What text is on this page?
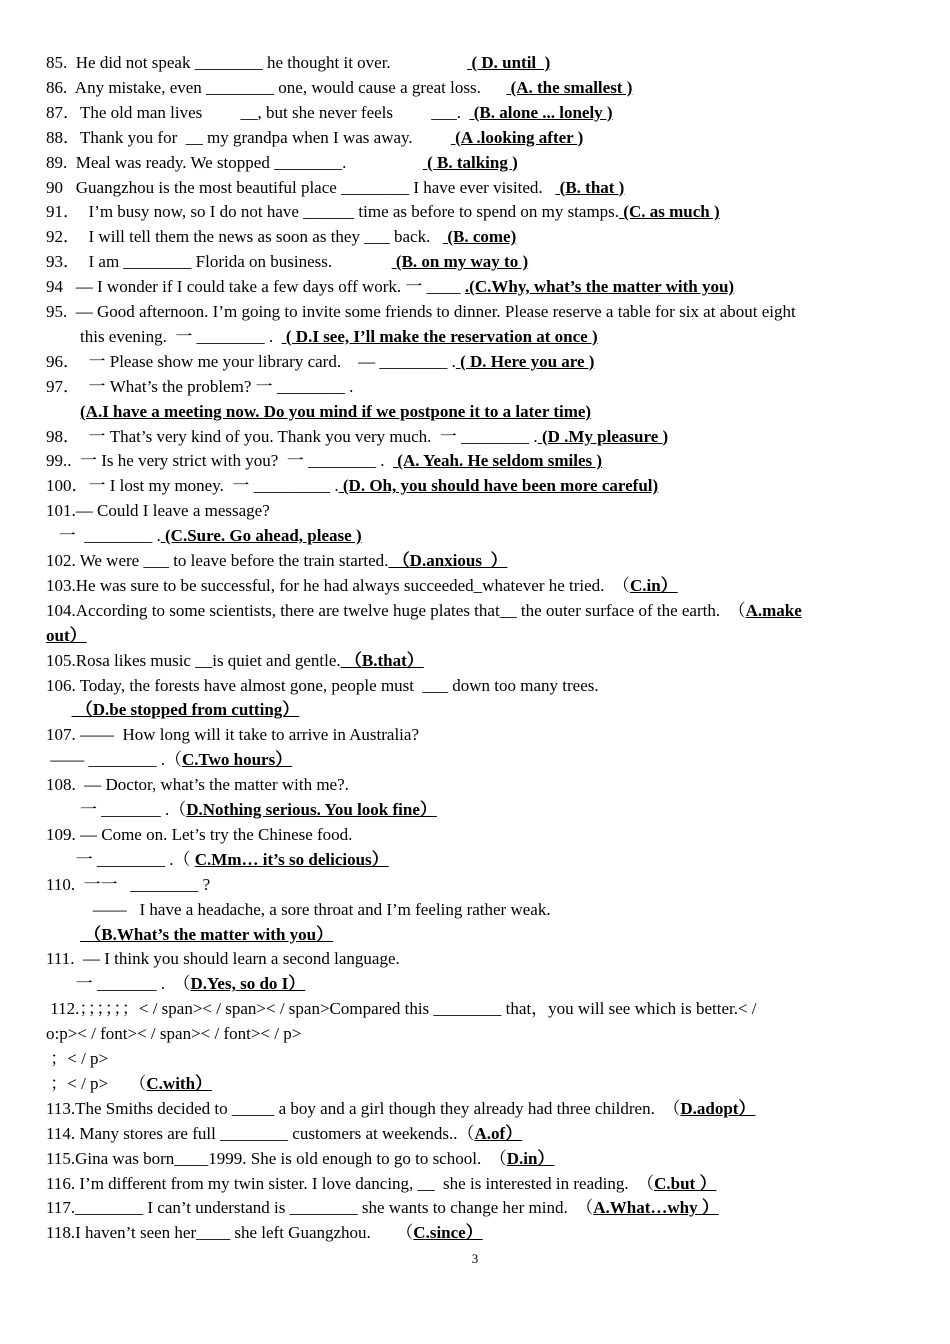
85.  He did not speak ________ he thought it over.                   ( D. until  )
86.  Any mistake, even ________ one, would cause a great loss.       (A. the smallest )
87．The old man lives         __, but she never feels         ___.   (B. alone ... lonely )
88．Thank you for  __ my grandpa when I was away.          (A .looking after )
89.  Meal was ready. We stopped ________.                   ( B. talking )
90   Guangzhou is the most beautiful place ________ I have ever visited.    (B. that )
91．  I’m busy now, so I do not have ______ time as before to spend on my stamps. (C. as much )
92．  I will tell them the news as soon as they ___ back.    (B. come)
93．  I am ________ Florida on business.               (B. on my way to )
94   — I wonder if I could take a few days off work. 一 ____ .(C.Why, what’s the matter with you)
95.  — Good afternoon. I’m going to invite some friends to dinner. Please reserve a table for six at about eight
this evening.  一 ________ .   ( D.I see, I’ll make the reservation at once )
96．  一 Please show me your library card.    — ________ . ( D. Here you are )
97．  一 What’s the problem? 一 ________ .
(A.I have a meeting now. Do you mind if we postpone it to a later time)
98．  一 That’s very kind of you. Thank you very much.  一 ________ . (D .My pleasure )
99..  一 Is he very strict with you?  一 ________ .   (A. Yeah. He seldom smiles )
100．一 I lost my money.  一 _________ . (D. Oh, you should have been more careful)
101.— Could I leave a message?
一  ________ . (C.Sure. Go ahead, please )
102. We were ___ to leave before the train started. （D.anxious  ）
103.He was sure to be successful, for he had always succeeded_whatever he tried.  （C.in）
104.According to some scientists, there are twelve huge plates that__ the outer surface of the earth.  （A.make
out）
105.Rosa likes music __is quiet and gentle. （B.that）
106. Today, the forests have almost gone, people must  ___ down too many trees.
（D.be stopped from cutting）
107. ——  How long will it take to arrive in Australia?
—— ________ .（C.Two hours）
108.  — Doctor, what’s the matter with me?.
一 _______ .（D.Nothing serious. You look fine）
109. — Come on. Let’s try the Chinese food.
一 ________ .（ C.Mm… it’s so delicious）
110.  一一   ________ ?
——   I have a headache, a sore throat and I’m feeling rather weak.
（B.What’s the matter with you）
111.  — I think you should learn a second language.
一 _______ .  （D.Yes, so do I）
112.；；；；；；< / span>< / span>< / span>Compared this ________ that，you will see which is better.< /
o:p>< / font>< / span>< / font>< / p>
；< / p>
；< / p>     （C.with）
113.The Smiths decided to _____ a boy and a girl though they already had three children.  （D.adopt）
114. Many stores are full ________ customers at weekends..（A.of）
115.Gina was born____1999. She is old enough to go to school.  （D.in）
116. I’m different from my twin sister. I love dancing, __  she is interested in reading.  （C.but ）
117.________ I can’t understand is ________ she wants to change her mind.  （A.What…why ）
118.I haven’t seen her____ she left Guangzhou.      （C.since）
3
